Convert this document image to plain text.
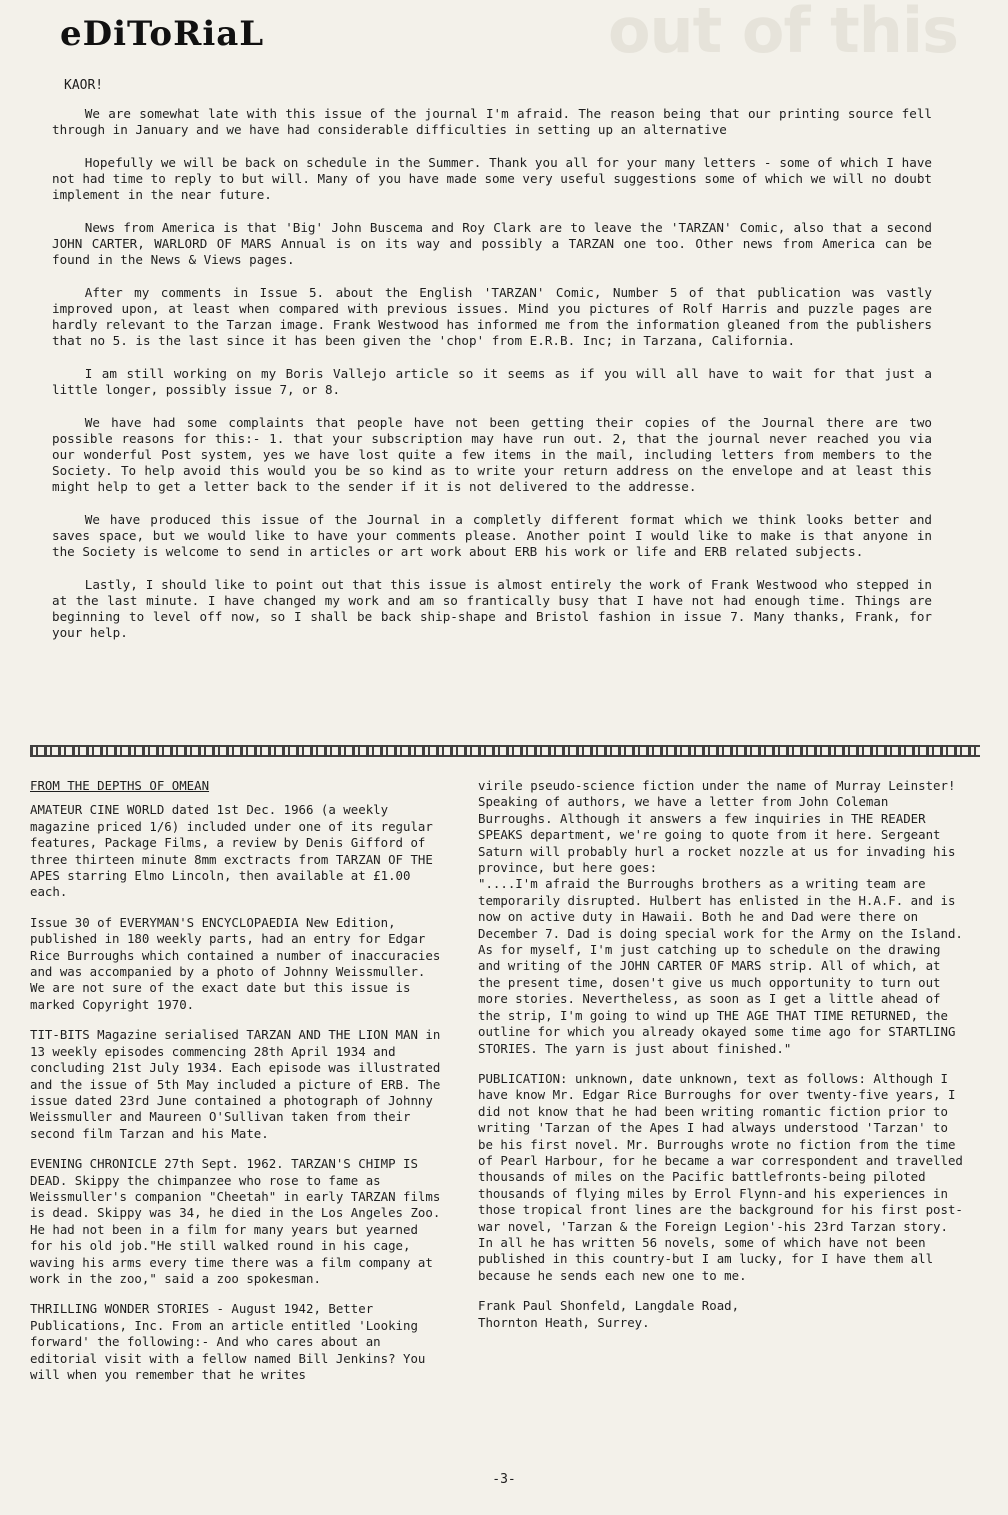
out of this
eDiToRiaL
KAOR!

We are somewhat late with this issue of the journal I'm afraid. The reason being that our printing source fell through in January and we have had considerable difficulties in setting up an alternative

Hopefully we will be back on schedule in the Summer. Thank you all for your many letters - some of which I have not had time to reply to but will. Many of you have made some very useful suggestions some of which we will no doubt implement in the near future.

News from America is that 'Big' John Buscema and Roy Clark are to leave the 'TARZAN' Comic, also that a second JOHN CARTER, WARLORD OF MARS Annual is on its way and possibly a TARZAN one too. Other news from America can be found in the News & Views pages.

After my comments in Issue 5. about the English 'TARZAN' Comic, Number 5 of that publication was vastly improved upon, at least when compared with previous issues. Mind you pictures of Rolf Harris and puzzle pages are hardly relevant to the Tarzan image. Frank Westwood has informed me from the information gleaned from the publishers that no 5. is the last since it has been given the 'chop' from E.R.B. Inc; in Tarzana, California.

I am still working on my Boris Vallejo article so it seems as if you will all have to wait for that just a little longer, possibly issue 7, or 8.

We have had some complaints that people have not been getting their copies of the Journal there are two possible reasons for this:- 1. that your subscription may have run out. 2, that the journal never reached you via our wonderful Post system, yes we have lost quite a few items in the mail, including letters from members to the Society. To help avoid this would you be so kind as to write your return address on the envelope and at least this might help to get a letter back to the sender if it is not delivered to the addresse.

We have produced this issue of the Journal in a completly different format which we think looks better and saves space, but we would like to have your comments please. Another point I would like to make is that anyone in the Society is welcome to send in articles or art work about ERB his work or life and ERB related subjects.

Lastly, I should like to point out that this issue is almost entirely the work of Frank Westwood who stepped in at the last minute. I have changed my work and am so frantically busy that I have not had enough time. Things are beginning to level off now, so I shall be back ship-shape and Bristol fashion in issue 7. Many thanks, Frank, for your help.

FROM THE DEPTHS OF OMEAN

AMATEUR CINE WORLD dated 1st Dec. 1966 (a weekly magazine priced 1/6) included under one of its regular features, Package Films, a review by Denis Gifford of three thirteen minute 8mm exctracts from TARZAN OF THE APES starring Elmo Lincoln, then available at £1.00 each.

Issue 30 of EVERYMAN'S ENCYCLOPAEDIA New Edition, published in 180 weekly parts, had an entry for Edgar Rice Burroughs which contained a number of inaccuracies and was accompanied by a photo of Johnny Weissmuller. We are not sure of the exact date but this issue is marked Copyright 1970.

TIT-BITS Magazine serialised TARZAN AND THE LION MAN in 13 weekly episodes commencing 28th April 1934 and concluding 21st July 1934. Each episode was illustrated and the issue of 5th May included a picture of ERB. The issue dated 23rd June contained a photograph of Johnny Weissmuller and Maureen O'Sullivan taken from their second film Tarzan and his Mate.

EVENING CHRONICLE 27th Sept. 1962. TARZAN'S CHIMP IS DEAD. Skippy the chimpanzee who rose to fame as Weissmuller's companion "Cheetah" in early TARZAN films is dead. Skippy was 34, he died in the Los Angeles Zoo. He had not been in a film for many years but yearned for his old job."He still walked round in his cage, waving his arms every time there was a film company at work in the zoo," said a zoo spokesman.

THRILLING WONDER STORIES - August 1942, Better Publications, Inc. From an article entitled 'Looking forward' the following:- And who cares about an editorial visit with a fellow named Bill Jenkins? You will when you remember that he writes

virile pseudo-science fiction under the name of Murray Leinster! Speaking of authors, we have a letter from John Coleman Burroughs. Although it answers a few inquiries in THE READER SPEAKS department, we're going to quote from it here. Sergeant Saturn will probably hurl a rocket nozzle at us for invading his province, but here goes:

"....I'm afraid the Burroughs brothers as a writing team are temporarily disrupted. Hulbert has enlisted in the H.A.F. and is now on active duty in Hawaii. Both he and Dad were there on December 7. Dad is doing special work for the Army on the Island. As for myself, I'm just catching up to schedule on the drawing and writing of the JOHN CARTER OF MARS strip. All of which, at the present time, dosen't give us much opportunity to turn out more stories. Nevertheless, as soon as I get a little ahead of the strip, I'm going to wind up THE AGE THAT TIME RETURNED, the outline for which you already okayed some time ago for STARTLING STORIES. The yarn is just about finished."

PUBLICATION: unknown, date unknown, text as follows: Although I have know Mr. Edgar Rice Burroughs for over twenty-five years, I did not know that he had been writing romantic fiction prior to writing 'Tarzan of the Apes I had always understood 'Tarzan' to be his first novel. Mr. Burroughs wrote no fiction from the time of Pearl Harbour, for he became a war correspondent and travelled thousands of miles on the Pacific battlefronts-being piloted thousands of flying miles by Errol Flynn-and his experiences in those tropical front lines are the background for his first post-war novel, 'Tarzan & the Foreign Legion'-his 23rd Tarzan story. In all he has written 56 novels, some of which have not been published in this country-but I am lucky, for I have them all because he sends each new one to me.

Frank Paul Shonfeld, Langdale Road,

Thornton Heath, Surrey.

-3-
